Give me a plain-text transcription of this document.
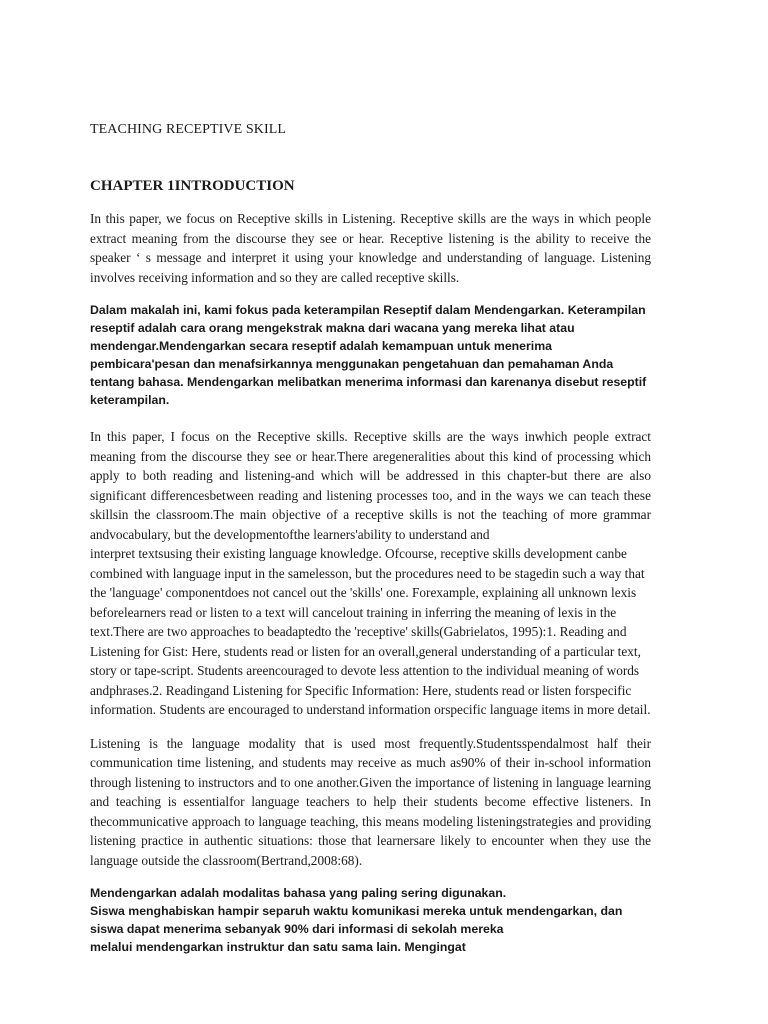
TEACHING RECEPTIVE SKILL
CHAPTER 1INTRODUCTION

In this paper, we focus on Receptive skills in Listening. Receptive skills are the ways in which people extract meaning from the discourse they see or hear. Receptive listening is the ability to receive the speaker ‘ s message and interpret it using your knowledge and understanding of language. Listening involves receiving information and so they are called receptive skills.

Dalam makalah ini, kami fokus pada keterampilan Reseptif dalam Mendengarkan. Keterampilan reseptif adalah cara orang mengekstrak makna dari wacana yang mereka lihat atau mendengar.Mendengarkan secara reseptif adalah kemampuan untuk menerima pembicara'pesan dan menafsirkannya menggunakan pengetahuan dan pemahaman Anda tentang bahasa. Mendengarkan melibatkan menerima informasi dan karenanya disebut reseptif keterampilan.

In this paper, I focus on the Receptive skills. Receptive skills are the ways inwhich people extract meaning from the discourse they see or hear.There aregeneralities about this kind of processing which apply to both reading and listening-and which will be addressed in this chapter-but there are also significant differencesbetween reading and listening processes too, and in the ways we can teach these skillsin the classroom.The main objective of a receptive skills is not the teaching of more grammar andvocabulary, but the developmentofthe learners'ability to understand and

interpret textsusing their existing language knowledge. Ofcourse, receptive skills development canbe combined with language input in the samelesson, but the procedures need to be stagedin such a way that the 'language' componentdoes not cancel out the 'skills' one. Forexample, explaining all unknown lexis beforelearners read or listen to a text will cancelout training in inferring the meaning of lexis in the text.There are two approaches to beadaptedto the 'receptive' skills(Gabrielatos, 1995):1. Reading and Listening for Gist: Here, students read or listen for an overall,general understanding of a particular text, story or tape-script. Students areencouraged to devote less attention to the individual meaning of words andphrases.2. Readingand Listening for Specific Information: Here, students read or listen forspecific information. Students are encouraged to understand information orspecific language items in more detail.

Listening is the language modality that is used most frequently.Studentsspendalmost half their communication time listening, and students may receive as much as90% of their in-school information through listening to instructors and to one another.Given the importance of listening in language learning and teaching is essentialfor language teachers to help their students become effective listeners. In thecommunicative approach to language teaching, this means modeling listeningstrategies and providing listening practice in authentic situations: those that learnersare likely to encounter when they use the language outside the classroom(Bertrand,2008:68).

Mendengarkan adalah modalitas bahasa yang paling sering digunakan.

Siswa menghabiskan hampir separuh waktu komunikasi mereka untuk mendengarkan, dan

siswa dapat menerima sebanyak 90% dari informasi di sekolah mereka

melalui mendengarkan instruktur dan satu sama lain. Mengingat
